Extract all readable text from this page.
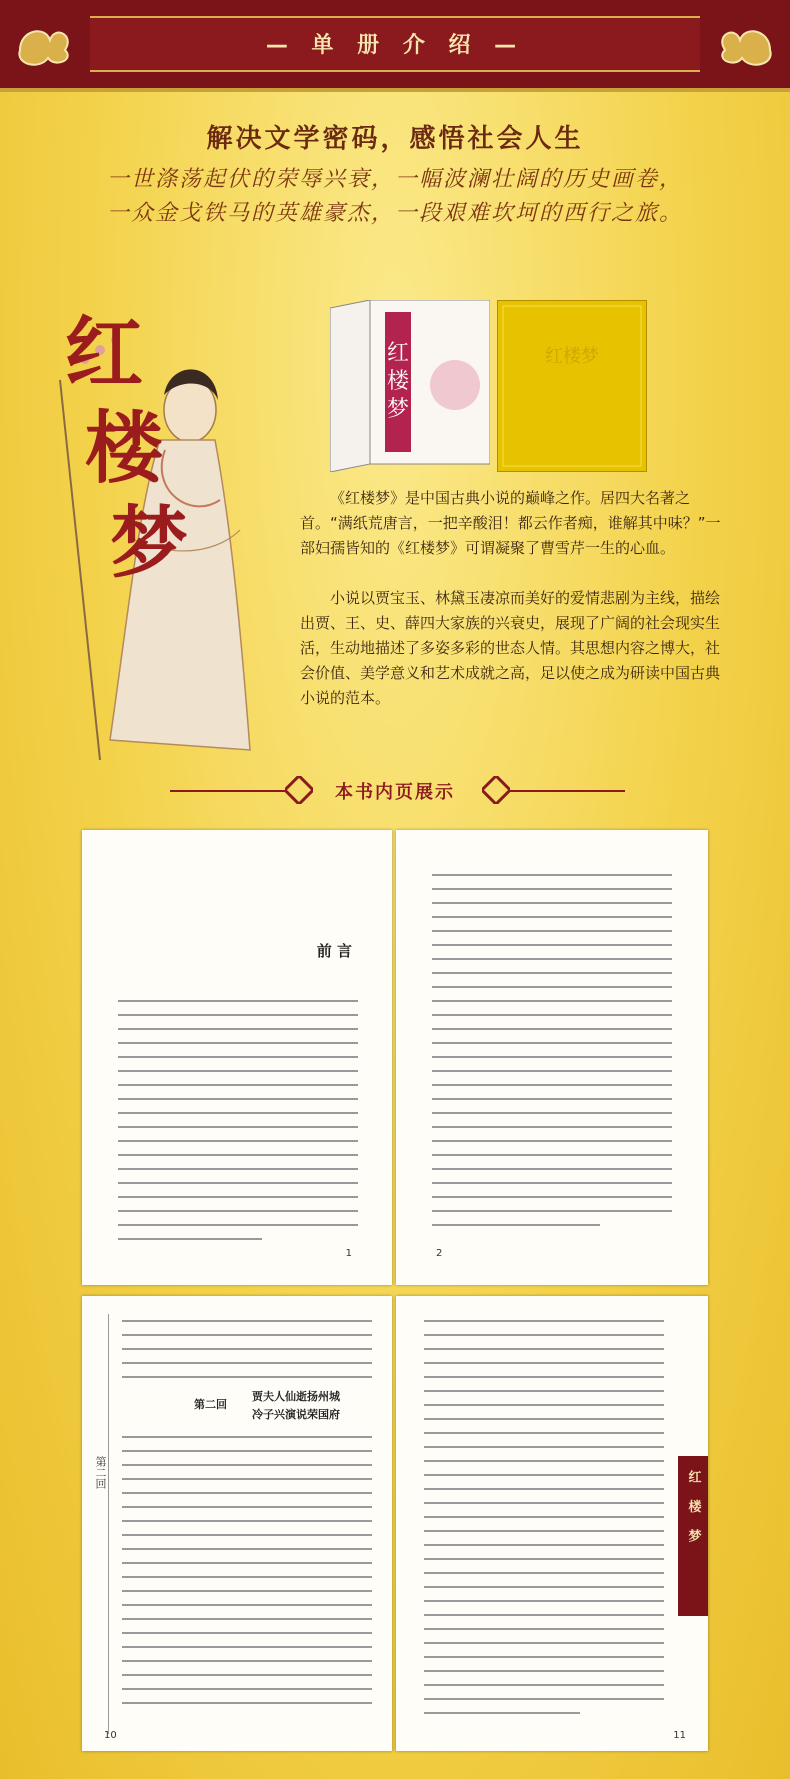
— 单 册 介 绍 —
解决文学密码，感悟社会人生
一世涤荡起伏的荣辱兴衰，一幅波澜壮阔的历史画卷，
一众金戈铁马的英雄豪杰，一段艰难坎坷的西行之旅。
红
楼
梦
红
楼
梦
红楼梦
《红楼梦》是中国古典小说的巅峰之作。居四大名著之首。“满纸荒唐言，一把辛酸泪！都云作者痴，谁解其中味？”一部妇孺皆知的《红楼梦》可谓凝聚了曹雪芹一生的心血。
小说以贾宝玉、林黛玉凄凉而美好的爱情悲剧为主线，描绘出贾、王、史、薛四大家族的兴衰史，展现了广阔的社会现实生活，生动地描述了多姿多彩的世态人情。其思想内容之博大，社会价值、美学意义和艺术成就之高，足以使之成为研读中国古典小说的范本。
本书内页展示
前 言
1	2
第二回
第二回
贾夫人仙逝扬州城
冷子兴演说荣国府
10
红 楼 梦
11
